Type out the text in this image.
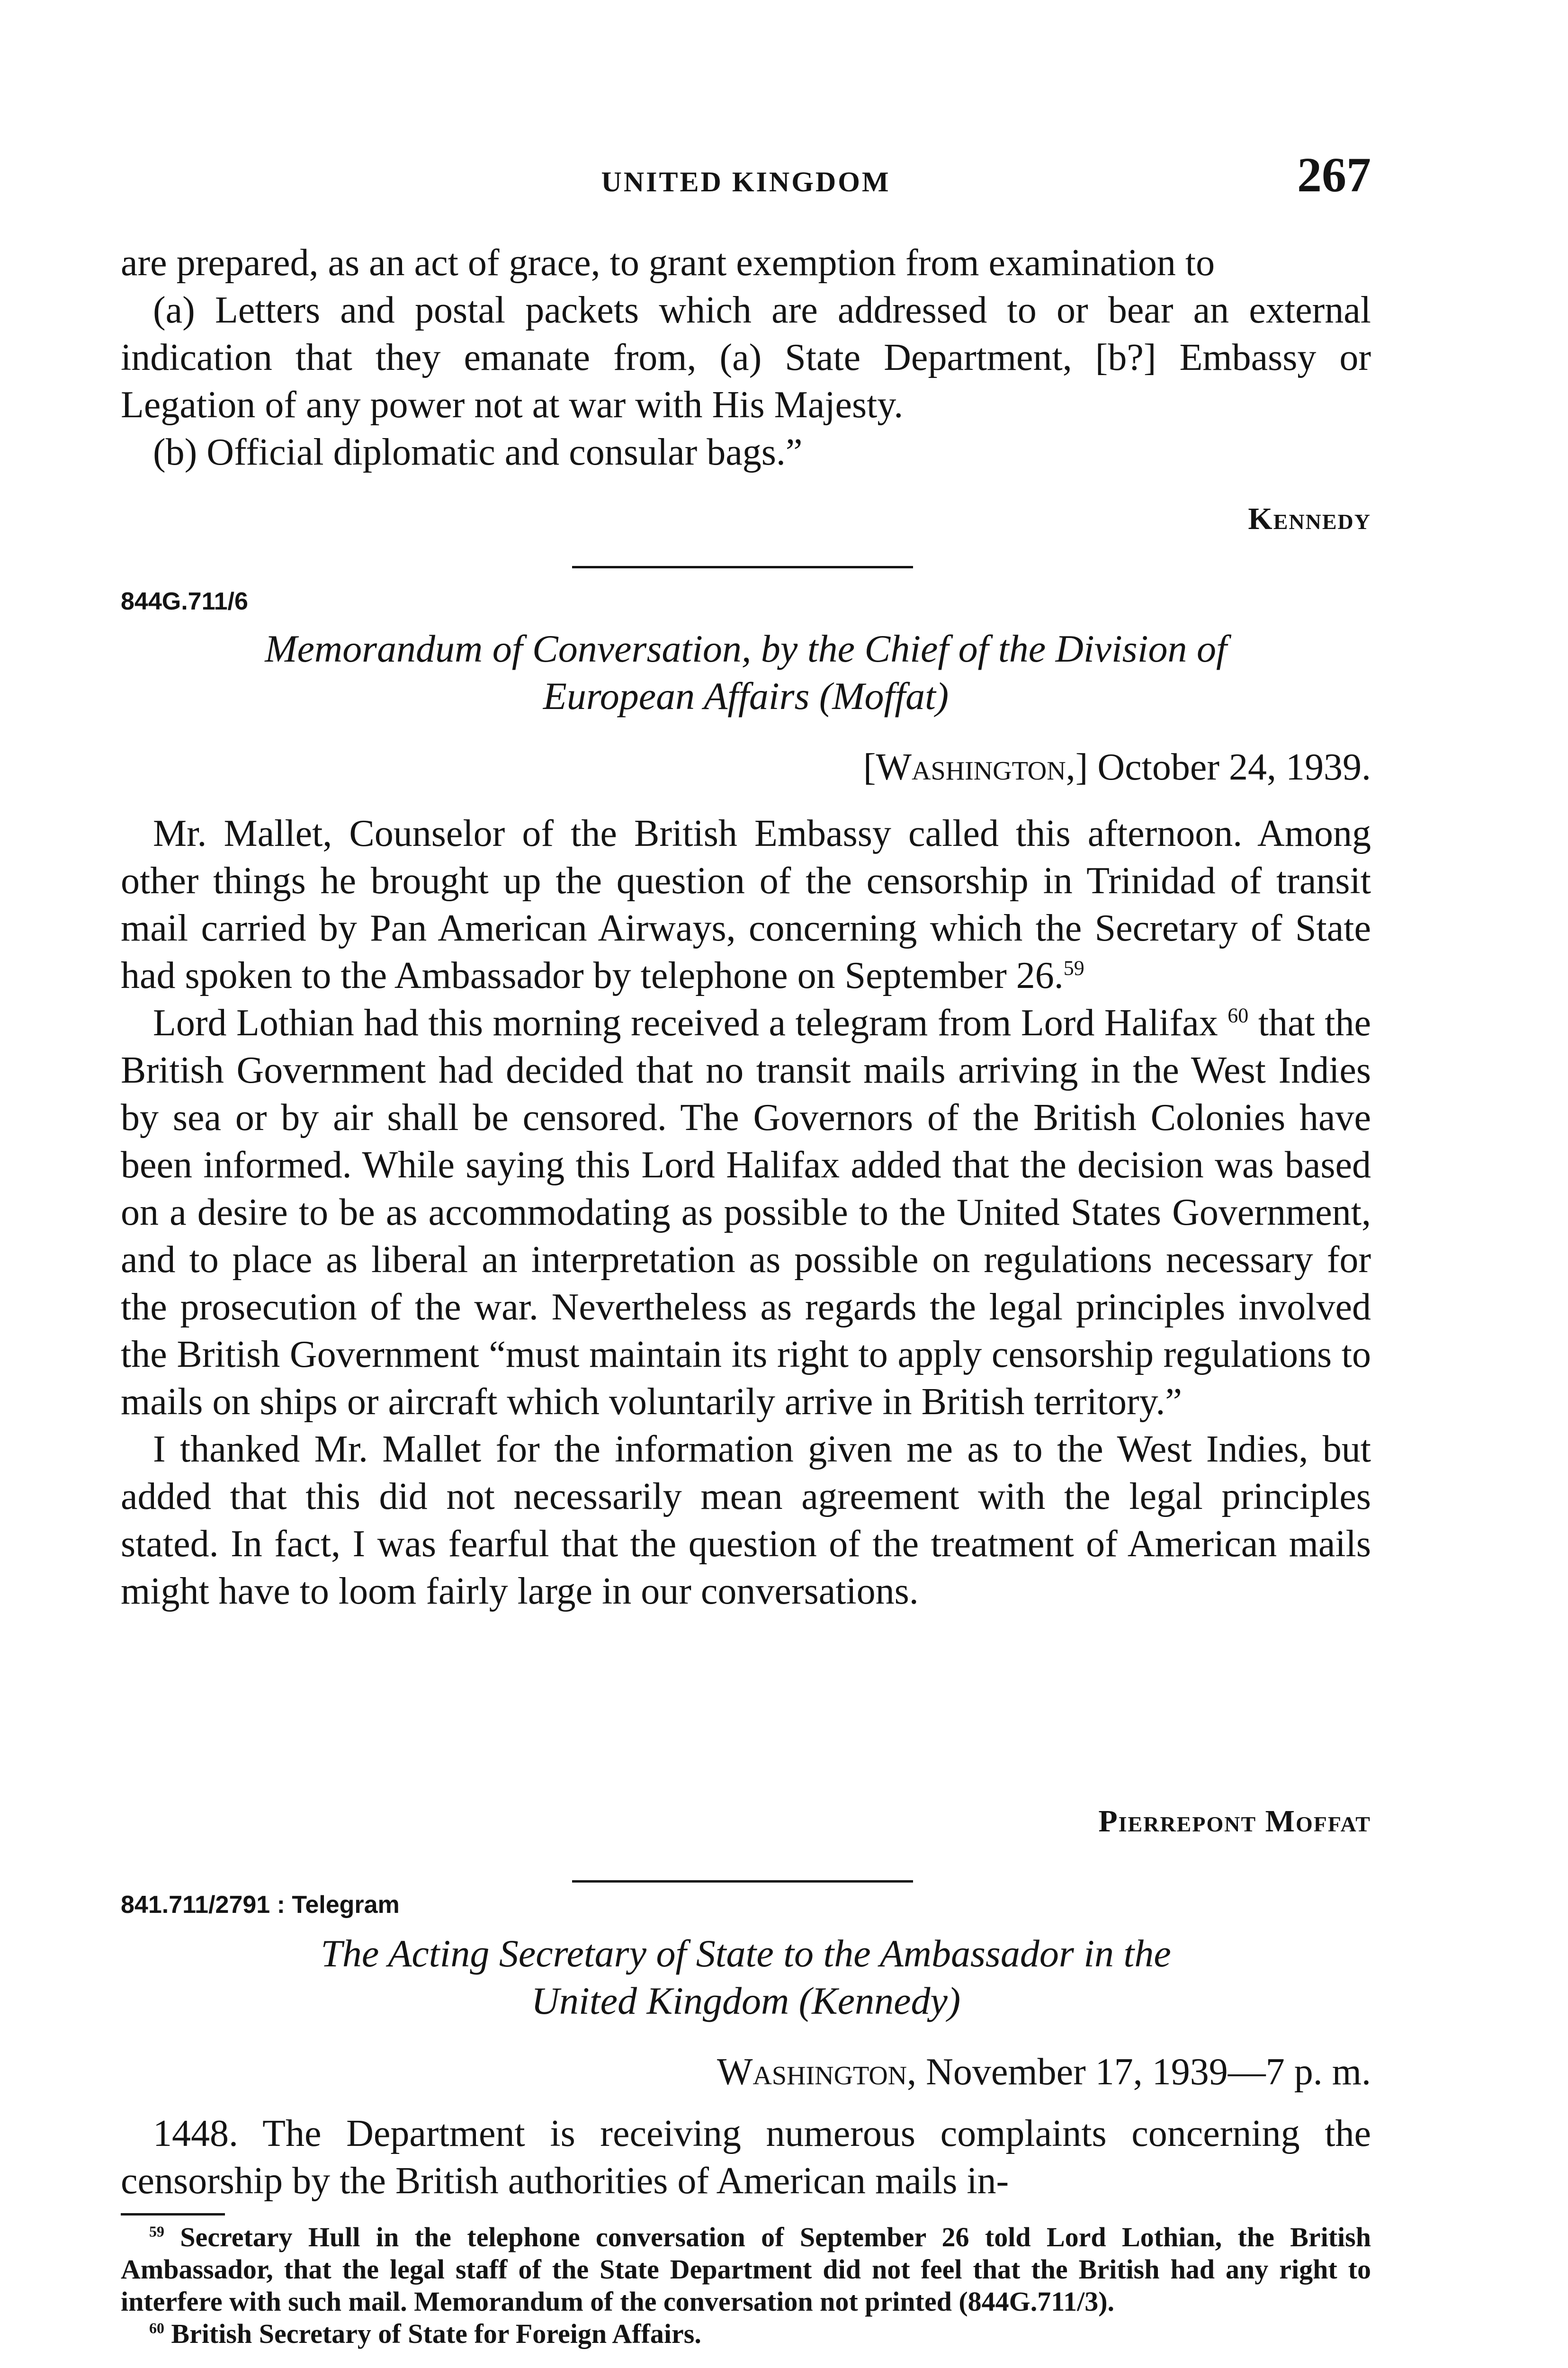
UNITED KINGDOM	267

are prepared, as an act of grace, to grant exemption from examination to

(a) Letters and postal packets which are addressed to or bear an external indication that they emanate from, (a) State Department, [b?] Embassy or Legation of any power not at war with His Majesty.

(b) Official diplomatic and consular bags.”

Kennedy
844G.711/6
Memorandum of Conversation, by the Chief of the Division of
European Affairs (Moffat)
[Washington,] October 24, 1939.

Mr. Mallet, Counselor of the British Embassy called this afternoon. Among other things he brought up the question of the censorship in Trinidad of transit mail carried by Pan American Airways, concerning which the Secretary of State had spoken to the Ambassador by telephone on September 26.59

Lord Lothian had this morning received a telegram from Lord Halifax $^{60}$ that the British Government had decided that no transit mails arriving in the West Indies by sea or by air shall be censored. The Governors of the British Colonies have been informed. While saying this Lord Halifax added that the decision was based on a desire to be as accommodating as possible to the United States Government, and to place as liberal an interpretation as possible on regulations necessary for the prosecution of the war. Nevertheless as regards the legal principles involved the British Government “must maintain its right to apply censorship regulations to mails on ships or aircraft which voluntarily arrive in British territory.”

I thanked Mr. Mallet for the information given me as to the West Indies, but added that this did not necessarily mean agreement with the legal principles stated. In fact, I was fearful that the question of the treatment of American mails might have to loom fairly large in our conversations.

Pierrepont Moffat
841.711/2791 : Telegram
The Acting Secretary of State to the Ambassador in the
United Kingdom (Kennedy)
Washington, November 17, 1939—7 p. m.

1448. The Department is receiving numerous complaints concerning the censorship by the British authorities of American mails in-

$^{59}$ Secretary Hull in the telephone conversation of September 26 told Lord Lothian, the British Ambassador, that the legal staff of the State Department did not feel that the British had any right to interfere with such mail. Memorandum of the conversation not printed (844G.711/3).

$^{60}$ British Secretary of State for Foreign Affairs.
